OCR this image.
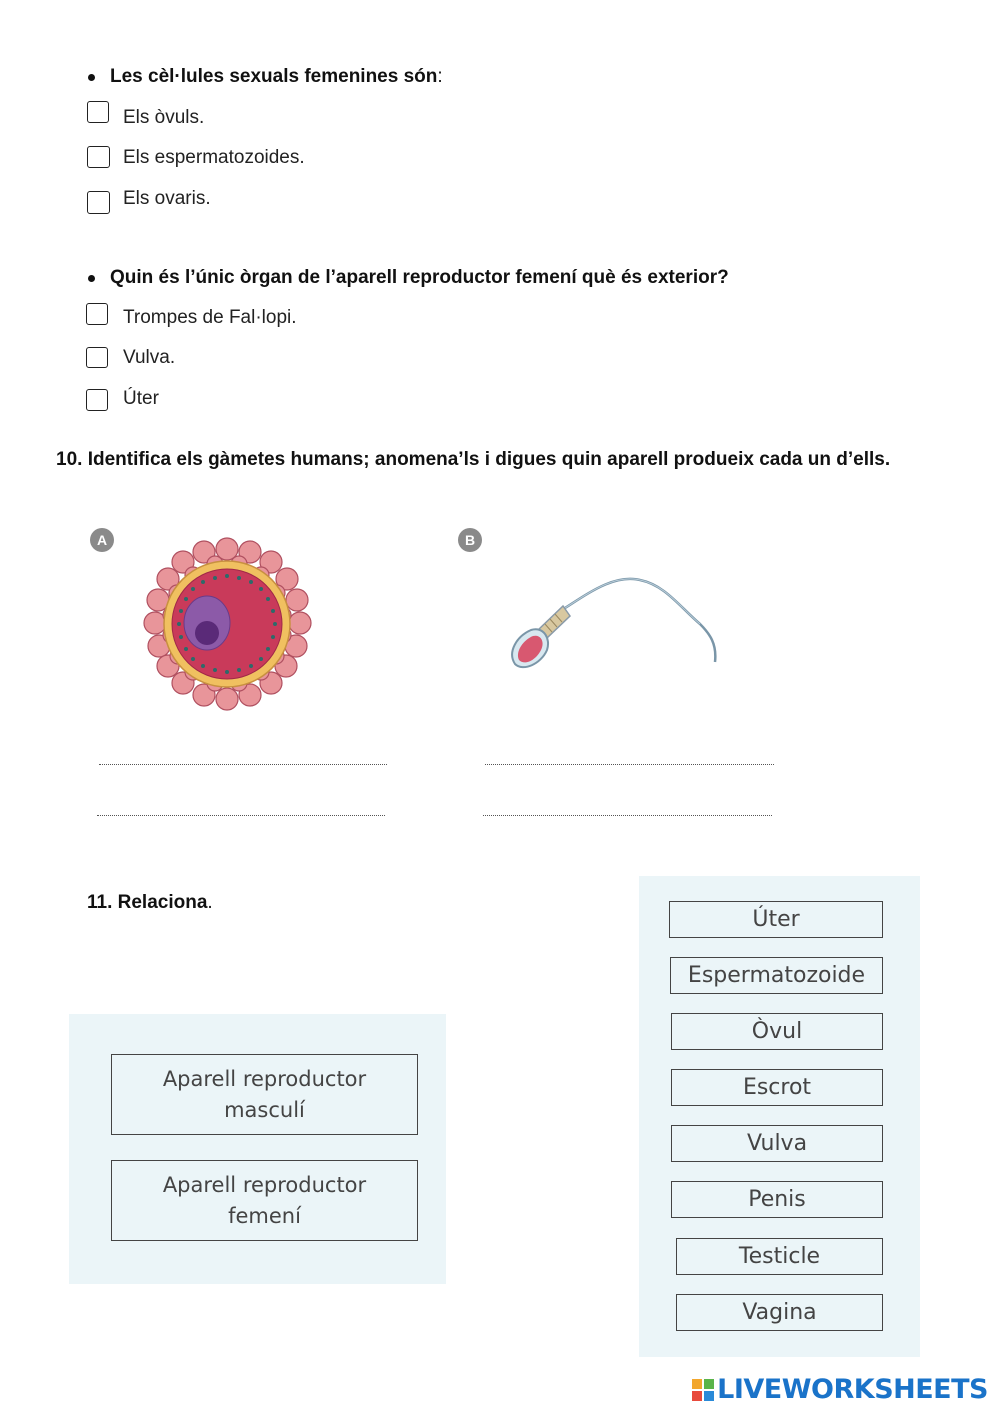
Les cèl·lules sexuals femenines són:
Els òvuls.
Els espermatozoides.
Els ovaris.
Quin és l’únic òrgan de l’aparell reproductor femení què és exterior?
Trompes de Fal·lopi.
Vulva.
Úter
10. Identifica els gàmetes humans; anomena’ls i digues quin aparell produeix cada un d’ells.
A	B
11. Relaciona.
Aparell reproductor
masculí
Aparell reproductor
femení
Úter
Espermatozoide
Òvul
Escrot
Vulva
Penis
Testicle
Vagina
LIVEWORKSHEETS
